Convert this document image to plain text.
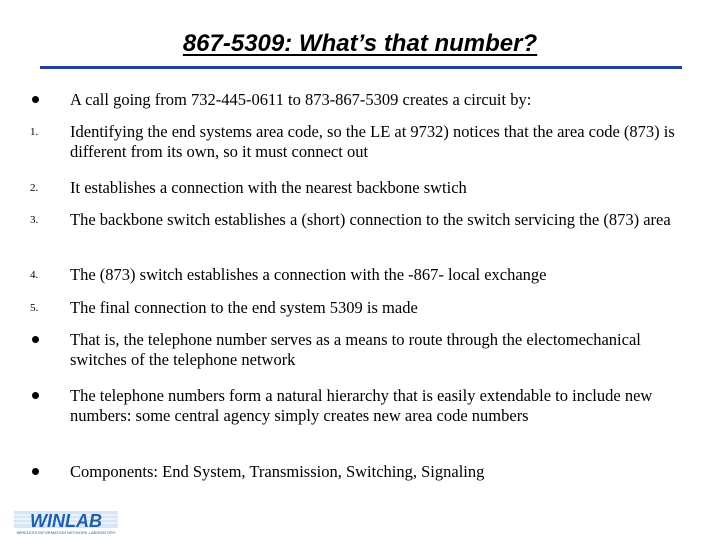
867-5309: What’s that number?
A call going from 732-445-0611 to 873-867-5309 creates a circuit by:
1.	Identifying the end systems area code, so the LE at 9732) notices that the area code (873) is different from its own, so it must connect out
2.	It establishes a connection with the nearest backbone swtich
3.	The backbone switch establishes a (short) connection to the switch servicing the (873) area
4.	The (873) switch establishes a connection with the -867- local exchange
5.	The final connection to the end system 5309 is made
That is, the telephone number serves as a means to route through the electomechanical switches of the telephone network
The telephone numbers form a natural hierarchy that is easily extendable to include new numbers: some central agency simply creates new area code numbers
Components: End System, Transmission, Switching, Signaling
WINLAB
WIRELESS INFORMATION NETWORK LABORATORY
